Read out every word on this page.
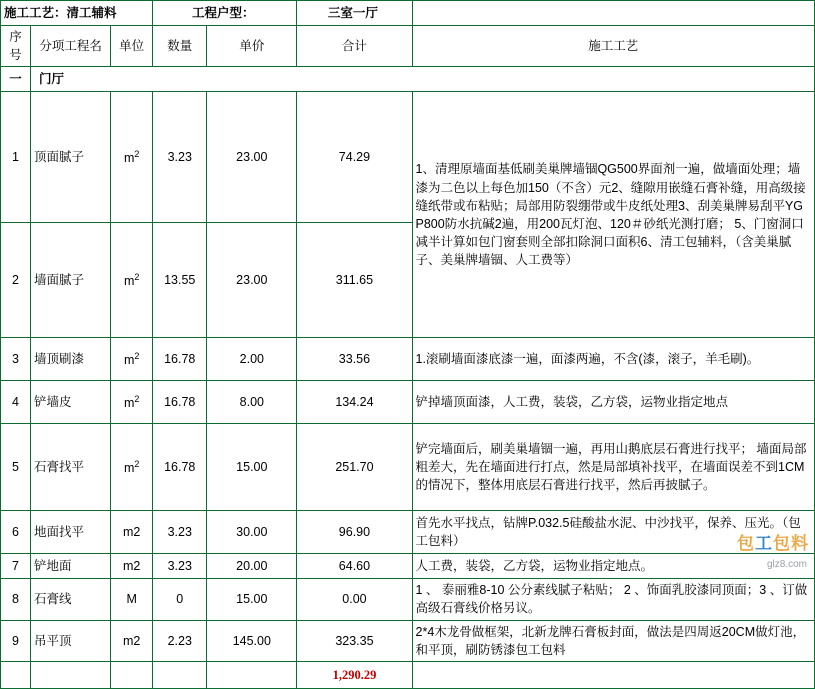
施工工艺：清工辅料			工程户型：		三室一厅	
序号	分项工程名	单位	数量	单价	合计	施工工艺
一	门厅					
1	顶面腻子	$m^2$	3.23	23.00	74.29	1、清理原墙面基低刷美巢牌墙锢QG500界面剂一遍，做墙面处理；墙漆为二色以上每色加150（不含）元2、缝隙用嵌缝石膏补缝，用高级接缝纸带或布粘贴；局部用防裂绷带或牛皮纸处理3、刮美巢牌易刮平YGP800防水抗碱2遍，用200瓦灯泡、120＃砂纸光测打磨； 5、门窗洞口减半计算如包门窗套则全部扣除洞口面积6、清工包辅料，（含美巢腻子、美巢牌墙锢、人工费等）
2	墙面腻子	$m^2$	13.55	23.00	311.65	
3	墙顶刷漆	$m^2$	16.78	2.00	33.56	1.滚刷墙面漆底漆一遍，面漆两遍，不含(漆，滚子，羊毛刷)。
4	铲墙皮	$m^2$	16.78	8.00	134.24	铲掉墙顶面漆，人工费，装袋，乙方袋，运物业指定地点
5	石膏找平	$m^2$	16.78	15.00	251.70	铲完墙面后，刷美巢墙锢一遍，再用山鹅底层石膏进行找平； 墙面局部粗差大，先在墙面进行打点，然是局部填补找平，在墙面误差不到1CM的情况下，整体用底层石膏进行找平，然后再披腻子。
6	地面找平	m2	3.23	30.00	96.90	首先水平找点，钻牌P.032.5硅酸盐水泥、中沙找平，保养、压光。（包工包料）
7	铲地面	m2	3.23	20.00	64.60	人工费，装袋，乙方袋，运物业指定地点。
8	石膏线	M	0	15.00	0.00	1 、 泰丽雅8-10 公分素线腻子粘贴； 2 、饰面乳胶漆同顶面；3 、订做高级石膏线价格另议。
9	吊平顶	m2	2.23	145.00	323.35	2*4木龙骨做框架，北新龙牌石膏板封面，做法是四周返20CM做灯池，和平顶，刷防锈漆包工包料
					1,290.29	
包工包料
glz8.com
